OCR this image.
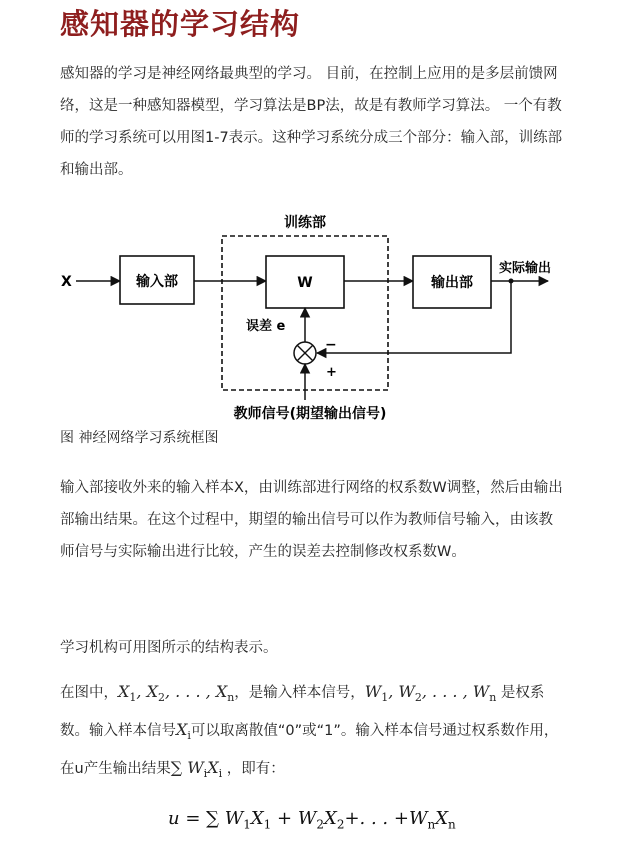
感知器的学习结构
感知器的学习是神经网络最典型的学习。 目前，在控制上应用的是多层前馈网络，这是一种感知器模型，学习算法是BP法，故是有教师学习算法。 一个有教师的学习系统可以用图1-7表示。这种学习系统分成三个部分：输入部，训练部和输出部。
训练部
X	输入部	W	输出部
实际输出
−
误差 e
+
教师信号(期望输出信号)
图 神经网络学习系统框图
输入部接收外来的输入样本X，由训练部进行网络的权系数W调整，然后由输出部输出结果。在这个过程中，期望的输出信号可以作为教师信号输入，由该教师信号与实际输出进行比较，产生的误差去控制修改权系数W。
学习机构可用图所示的结构表示。
在图中，$X_1$, $X_2$, . . . , $X_n$，是输入样本信号，$W_1$, $W_2$, . . . , $W_n$ 是权系数。输入样本信号$X_i$可以取离散值“0”或“1”。输入样本信号通过权系数作用，在u产生输出结果∑ $W_iX_i$ ，即有：
u = ∑ $W_1X_1 + W_2X_2+$. . . $+W_nX_n$
